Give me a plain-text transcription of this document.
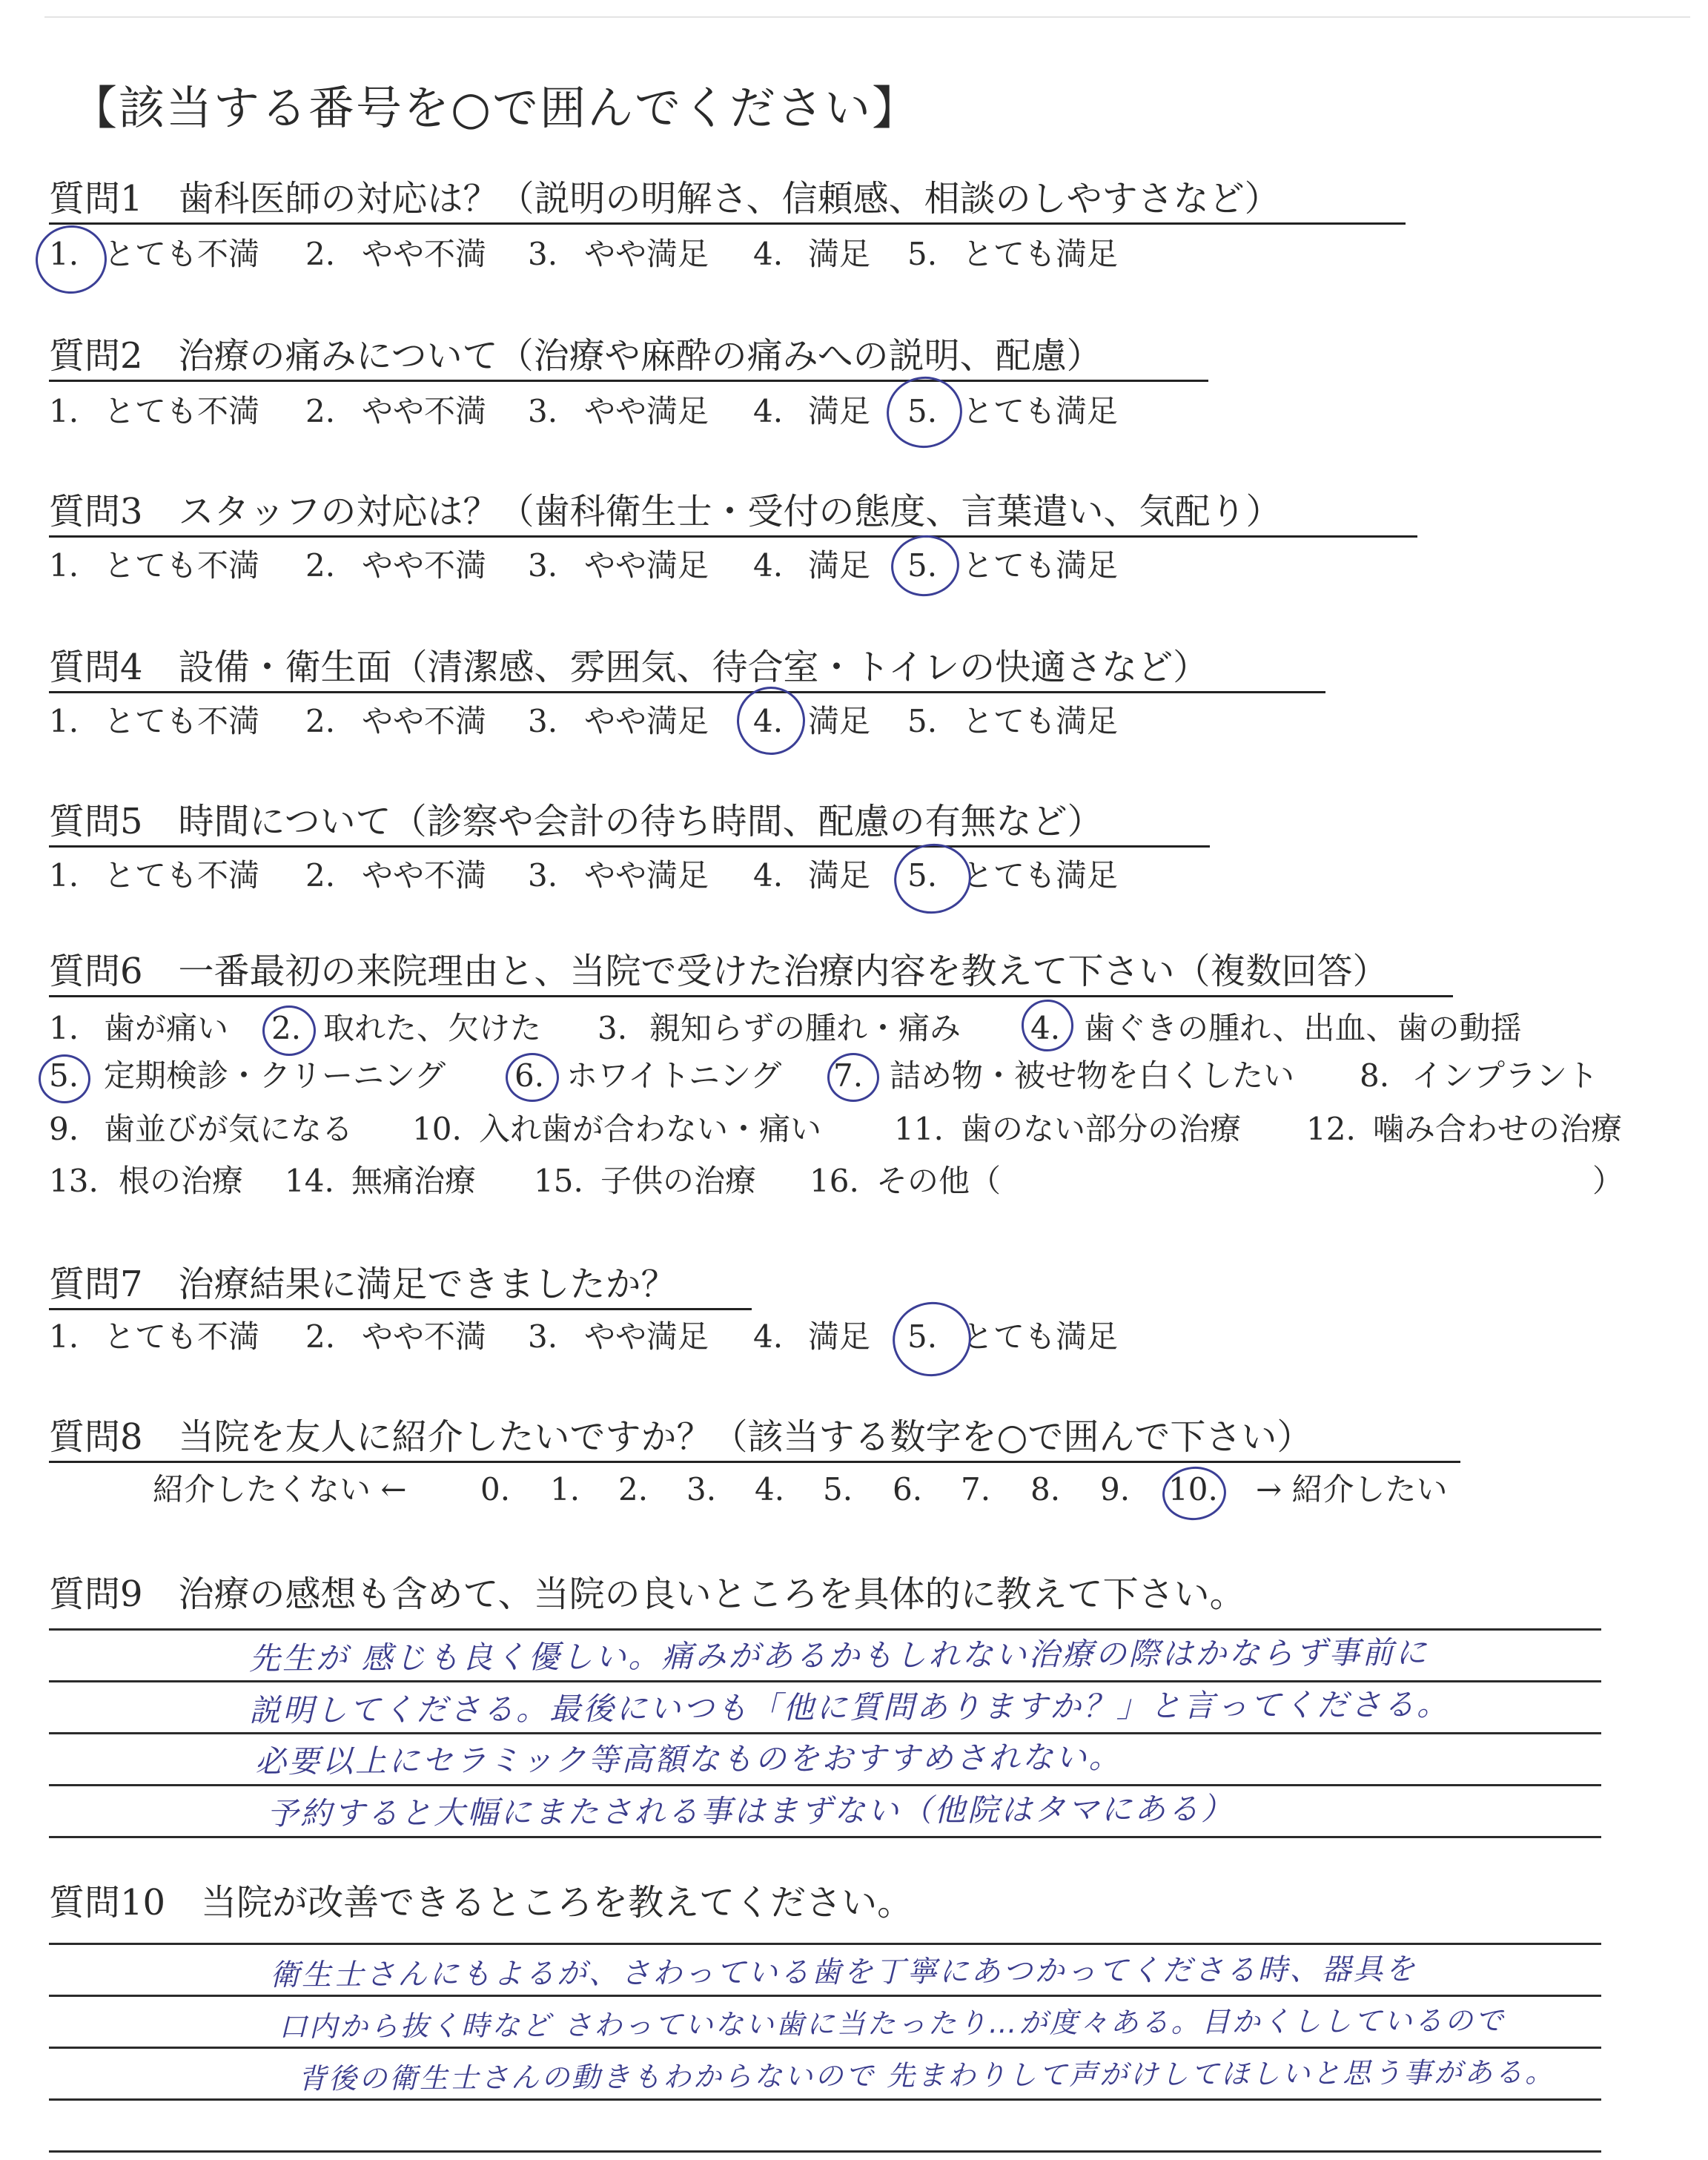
【該当する番号を○で囲んでください】
質問1　歯科医師の対応は？（説明の明解さ、信頼感、相談のしやすさなど）
1. とても不満 2. やや不満 3. やや満足 4. 満足 5. とても満足
質問2　治療の痛みについて（治療や麻酔の痛みへの説明、配慮）
1. とても不満 2. やや不満 3. やや満足 4. 満足 5. とても満足
質問3　スタッフの対応は？（歯科衛生士・受付の態度、言葉遣い、気配り）
1. とても不満 2. やや不満 3. やや満足 4. 満足 5. とても満足
質問4　設備・衛生面（清潔感、雰囲気、待合室・トイレの快適さなど）
1. とても不満 2. やや不満 3. やや満足 4. 満足 5. とても満足
質問5　時間について（診察や会計の待ち時間、配慮の有無など）
1. とても不満 2. やや不満 3. やや満足 4. 満足 5. とても満足
質問6　一番最初の来院理由と、当院で受けた治療内容を教えて下さい（複数回答）
1. 歯が痛い 2. 取れた、欠けた 3. 親知らずの腫れ・痛み 4. 歯ぐきの腫れ、出血、歯の動揺
5. 定期検診・クリーニング 6. ホワイトニング 7. 詰め物・被せ物を白くしたい 8. インプラント
9. 歯並びが気になる 10. 入れ歯が合わない・痛い 11. 歯のない部分の治療 12. 噛み合わせの治療
13. 根の治療 14. 無痛治療 15. 子供の治療 16. その他（	）
質問7　治療結果に満足できましたか？
1. とても不満 2. やや不満 3. やや満足 4. 満足 5. とても満足
質問8　当院を友人に紹介したいですか？（該当する数字を○で囲んで下さい）
紹介したくない ← 0. 1. 2. 3. 4. 5. 6. 7. 8. 9. 10. → 紹介したい
質問9　治療の感想も含めて、当院の良いところを具体的に教えて下さい。
先生が 感じも良く優しい。痛みがあるかもしれない治療の際はかならず事前に
説明してくださる。最後にいつも「他に質問ありますか？」と言ってくださる。
必要以上にセラミック等高額なものをおすすめされない。
予約すると大幅にまたされる事はまずない（他院はタマにある）
質問10　当院が改善できるところを教えてください。
衛生士さんにもよるが、さわっている歯を丁寧にあつかってくださる時、器具を
口内から抜く時など さわっていない歯に当たったり…が度々ある。目かくししているので
背後の衛生士さんの動きもわからないので 先まわりして声がけしてほしいと思う事がある。
